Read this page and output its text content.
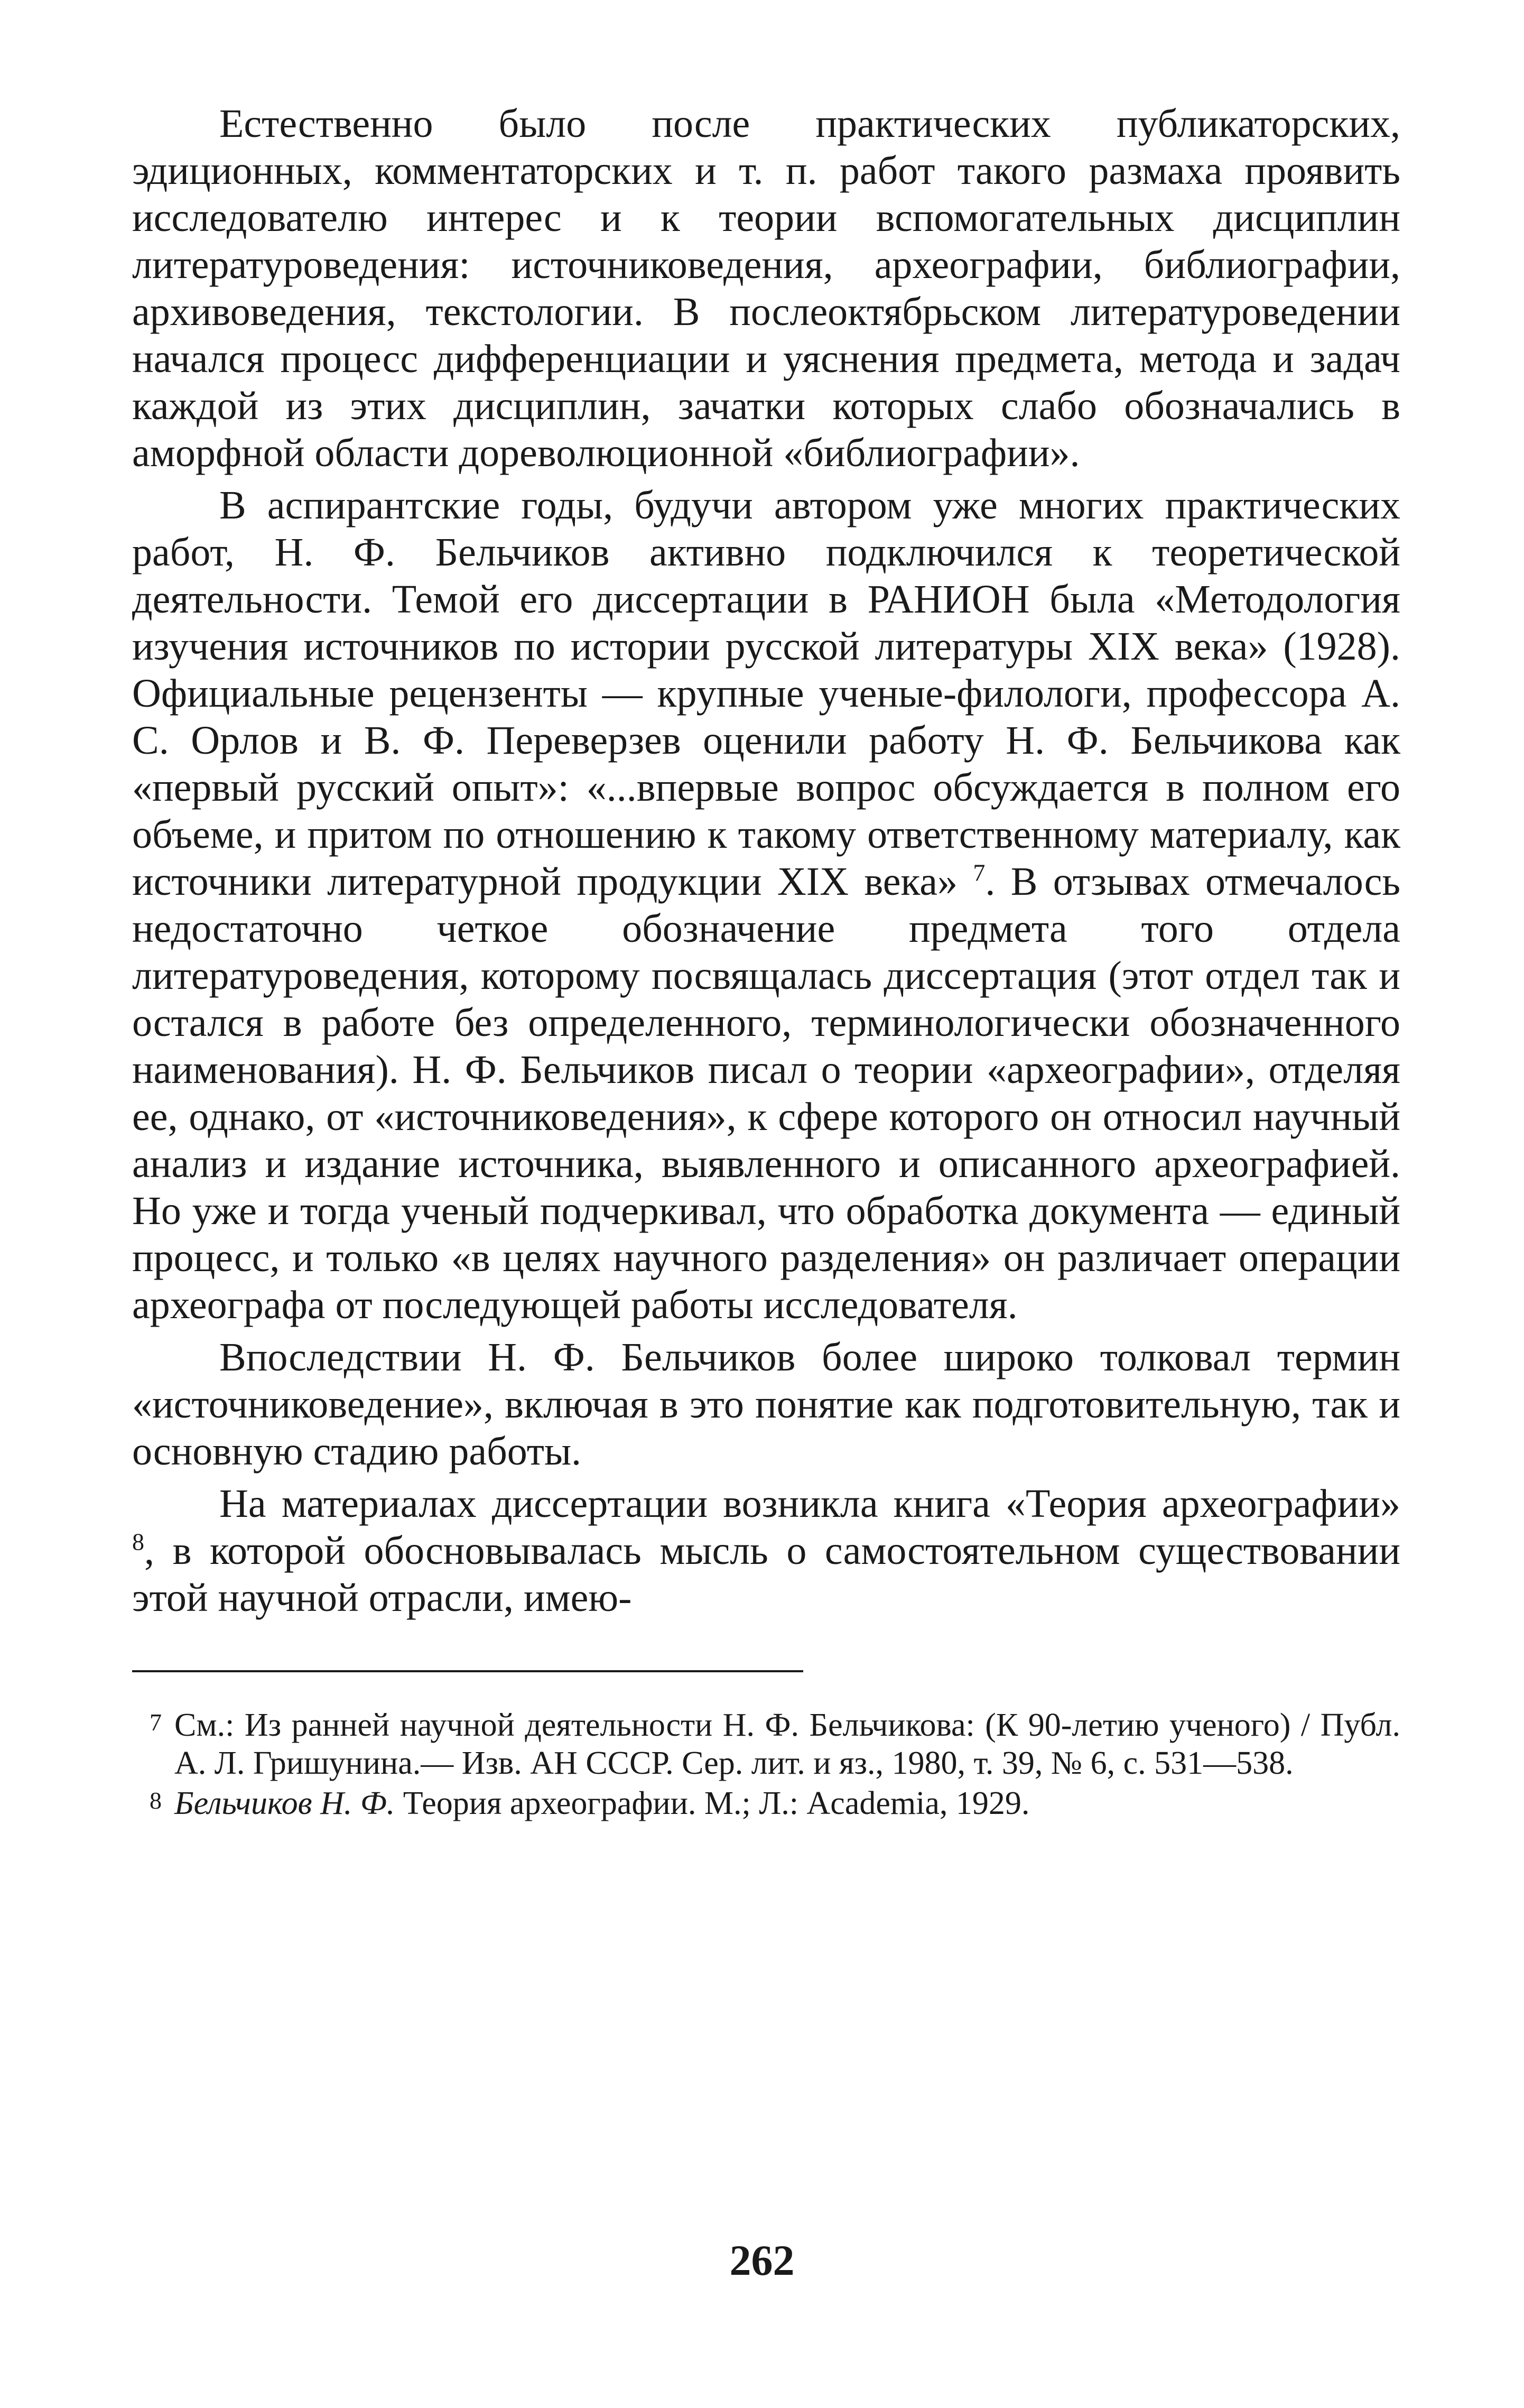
Естественно было после практических публикаторских, эдиционных, комментаторских и т. п. работ такого размаха проявить исследователю интерес и к теории вспомогательных дисциплин литературоведения: источниковедения, археографии, библиографии, архивоведения, текстологии. В послеоктябрьском литературоведении начался процесс дифференциации и уяснения предмета, метода и задач каждой из этих дисциплин, зачатки которых слабо обозначались в аморфной области дореволюционной «библиографии».

В аспирантские годы, будучи автором уже многих практических работ, Н. Ф. Бельчиков активно подключился к теоретической деятельности. Темой его диссертации в РАНИОН была «Методология изучения источников по истории русской литературы XIX века» (1928). Официальные рецензенты — крупные ученые-филологи, профессора А. С. Орлов и В. Ф. Переверзев оценили работу Н. Ф. Бельчикова как «первый русский опыт»: «...впервые вопрос обсуждается в полном его объеме, и притом по отношению к такому ответственному материалу, как источники литературной продукции XIX века» $^7$. В отзывах отмечалось недостаточно четкое обозначение предмета того отдела литературоведения, которому посвящалась диссертация (этот отдел так и остался в работе без определенного, терминологически обозначенного наименования). Н. Ф. Бельчиков писал о теории «археографии», отделяя ее, однако, от «источниковедения», к сфере которого он относил научный анализ и издание источника, выявленного и описанного археографией. Но уже и тогда ученый подчеркивал, что обработка документа — единый процесс, и только «в целях научного разделения» он различает операции археографа от последующей работы исследователя.

Впоследствии Н. Ф. Бельчиков более широко толковал термин «источниковедение», включая в это понятие как подготовительную, так и основную стадию работы.

На материалах диссертации возникла книга «Теория археографии» $^8$, в которой обосновывалась мысль о самостоятельном существовании этой научной отрасли, имею-

7 См.: Из ранней научной деятельности Н. Ф. Бельчикова: (К 90-летию ученого) / Публ. А. Л. Гришунина.— Изв. АН СССР. Сер. лит. и яз., 1980, т. 39, № 6, с. 531—538.
8 Бельчиков Н. Ф. Теория археографии. М.; Л.: Academia, 1929.
262
